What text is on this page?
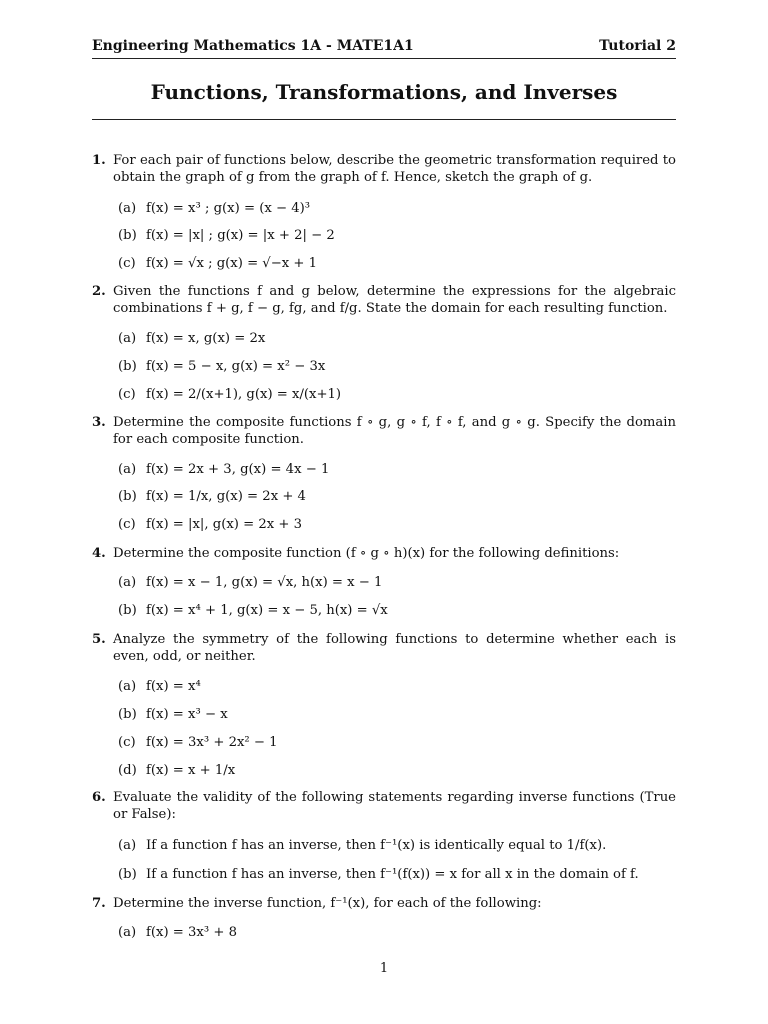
Engineering Mathematics 1A - MATE1A1	Tutorial 2
Functions, Transformations, and Inverses
1. For each pair of functions below, describe the geometric transformation required to obtain the graph of g from the graph of f. Hence, sketch the graph of g.
(a) f(x) = x³ ; g(x) = (x − 4)³
(b) f(x) = |x| ; g(x) = |x + 2| − 2
(c) f(x) = √x ; g(x) = √−x + 1
2. Given the functions f and g below, determine the expressions for the algebraic combinations f + g, f − g, fg, and f/g. State the domain for each resulting function.
(a) f(x) = x, g(x) = 2x
(b) f(x) = 5 − x, g(x) = x² − 3x
(c) f(x) = 2/(x+1), g(x) = x/(x+1)
3. Determine the composite functions f ∘ g, g ∘ f, f ∘ f, and g ∘ g. Specify the domain for each composite function.
(a) f(x) = 2x + 3, g(x) = 4x − 1
(b) f(x) = 1/x, g(x) = 2x + 4
(c) f(x) = |x|, g(x) = 2x + 3
4. Determine the composite function (f ∘ g ∘ h)(x) for the following definitions:
(a) f(x) = x − 1, g(x) = √x, h(x) = x − 1
(b) f(x) = x⁴ + 1, g(x) = x − 5, h(x) = √x
5. Analyze the symmetry of the following functions to determine whether each is even, odd, or neither.
(a) f(x) = x⁴
(b) f(x) = x³ − x
(c) f(x) = 3x³ + 2x² − 1
(d) f(x) = x + 1/x
6. Evaluate the validity of the following statements regarding inverse functions (True or False):
(a) If a function f has an inverse, then f⁻¹(x) is identically equal to 1/f(x).
(b) If a function f has an inverse, then f⁻¹(f(x)) = x for all x in the domain of f.
7. Determine the inverse function, f⁻¹(x), for each of the following:
(a) f(x) = 3x³ + 8
1
